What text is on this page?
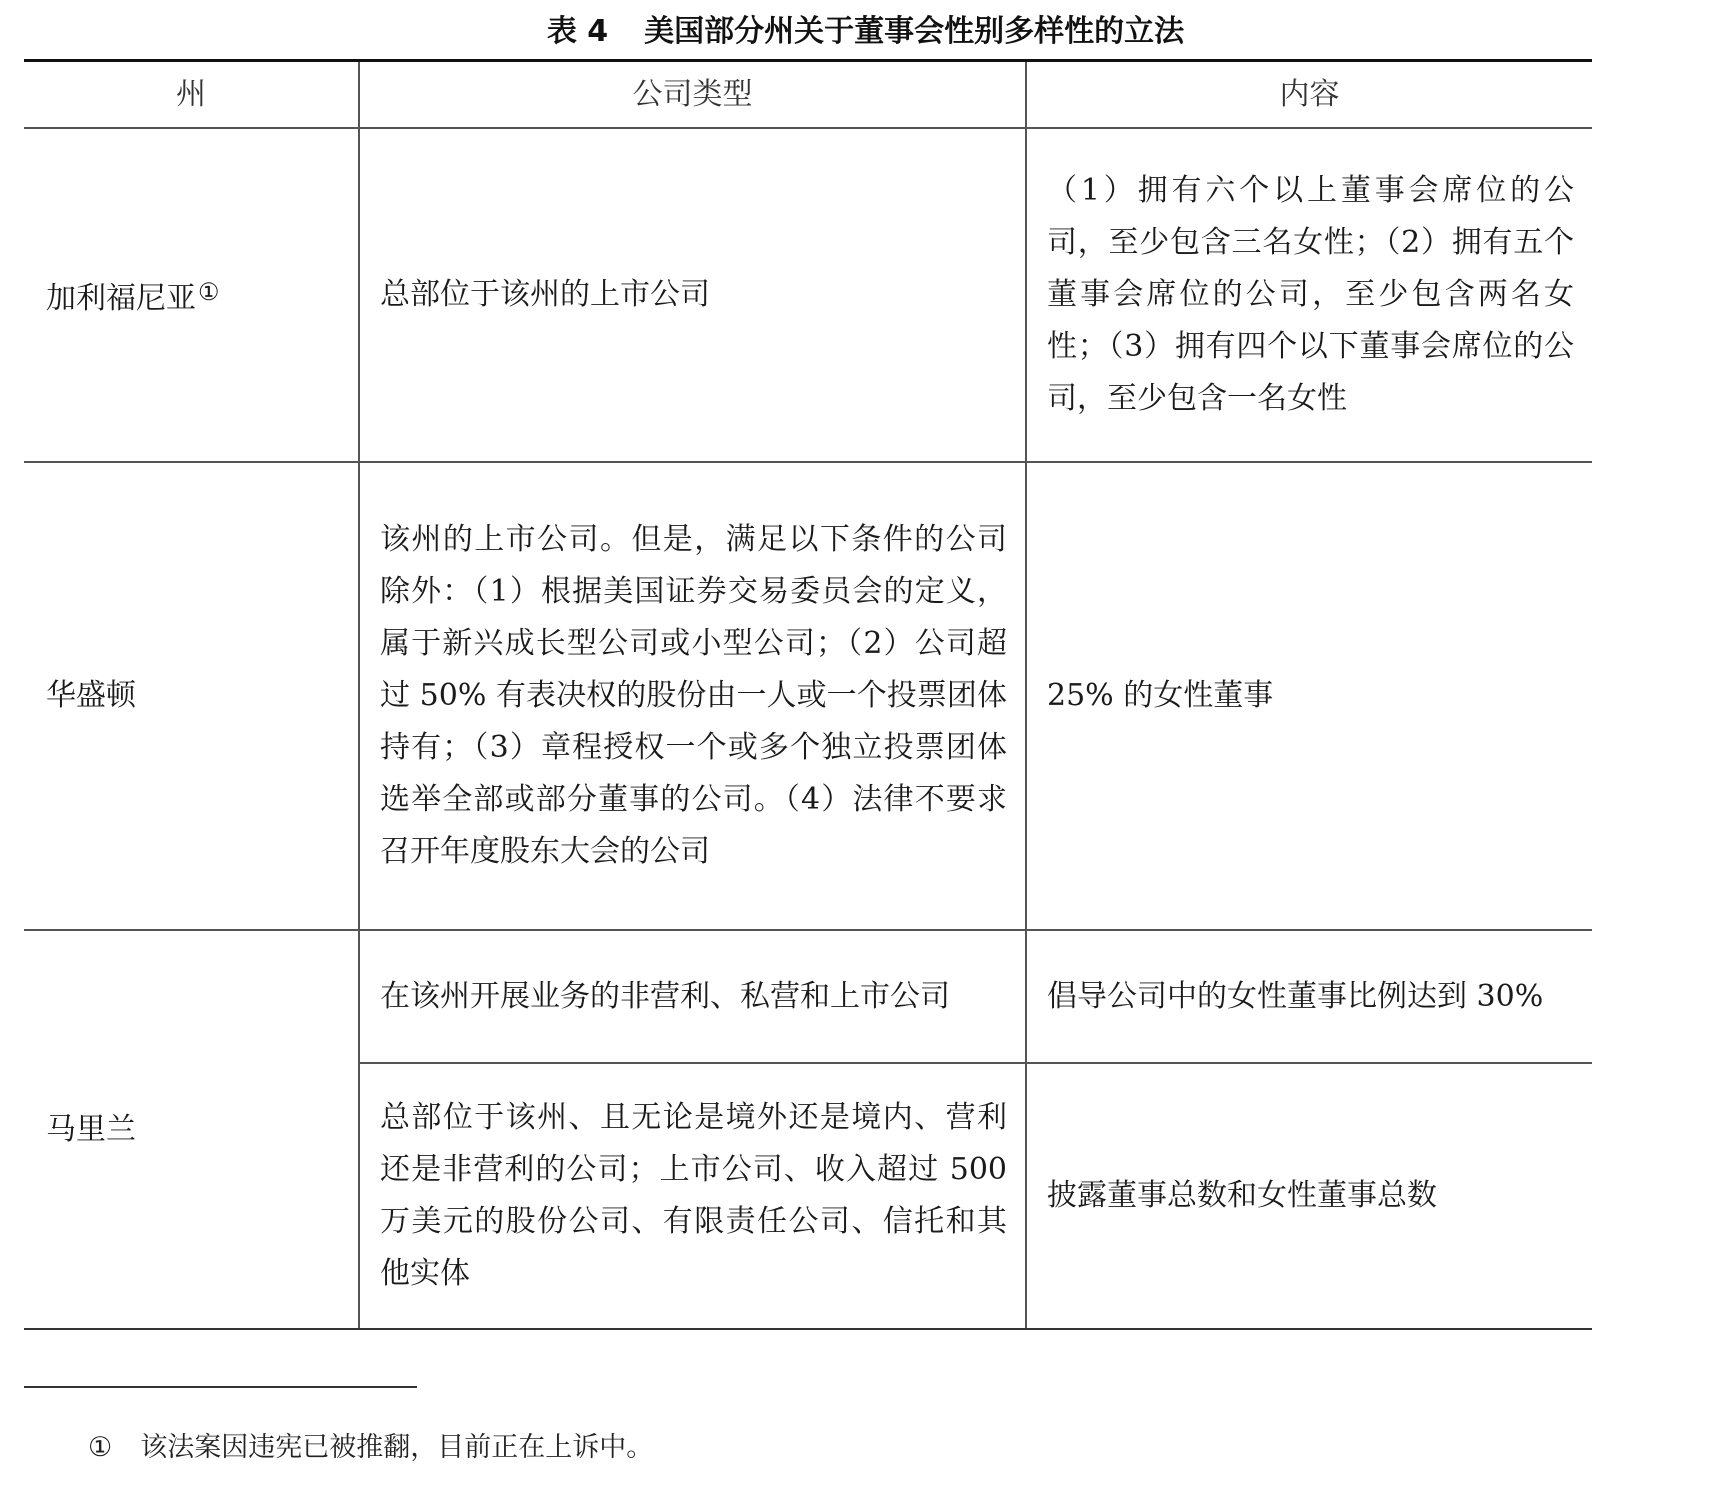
表 4 美国部分州关于董事会性别多样性的立法
州	公司类型	内容
加利福尼亚①	总部位于该州的上市公司	（1）拥有六个以上董事会席位的公司，至少包含三名女性；（2）拥有五个董事会席位的公司，至少包含两名女性；（3）拥有四个以下董事会席位的公司，至少包含一名女性
华盛顿	该州的上市公司。但是，满足以下条件的公司除外：（1）根据美国证券交易委员会的定义，属于新兴成长型公司或小型公司；（2）公司超过 50% 有表决权的股份由一人或一个投票团体持有；（3）章程授权一个或多个独立投票团体选举全部或部分董事的公司。（4）法律不要求召开年度股东大会的公司	25% 的女性董事
马里兰	在该州开展业务的非营利、私营和上市公司	倡导公司中的女性董事比例达到 30%
	总部位于该州、且无论是境外还是境内、营利还是非营利的公司；上市公司、收入超过 500 万美元的股份公司、有限责任公司、信托和其他实体	披露董事总数和女性董事总数
① 该法案因违宪已被推翻，目前正在上诉中。
